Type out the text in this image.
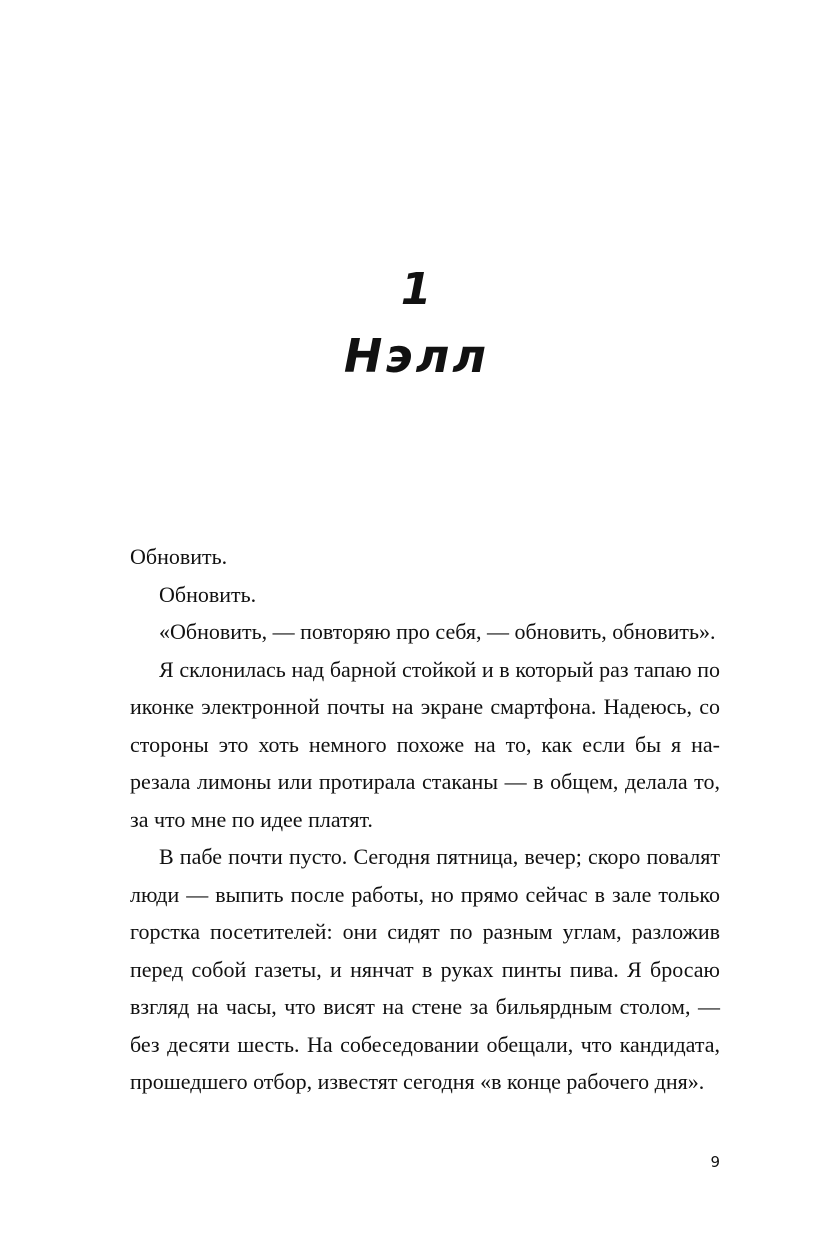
1
Нэлл

Обновить.

Обновить.

«Обновить, — повторяю про себя, — обновить, обновить».

Я склонилась над барной стойкой и в который раз тапаю по иконке электронной почты на экране смартфона. Надеюсь, со стороны это хоть немного похоже на то, как если бы я нарезала лимоны или протирала стаканы — в общем, делала то, за что мне по идее платят.

В пабе почти пусто. Сегодня пятница, вечер; скоро повалят люди — выпить после работы, но прямо сейчас в зале только горстка посетителей: они сидят по разным углам, разложив перед собой газеты, и нянчат в руках пинты пива. Я бросаю взгляд на часы, что висят на стене за бильярдным столом, — без десяти шесть. На собеседовании обещали, что кандидата, прошедшего отбор, известят сегодня «в конце рабочего дня».

9
